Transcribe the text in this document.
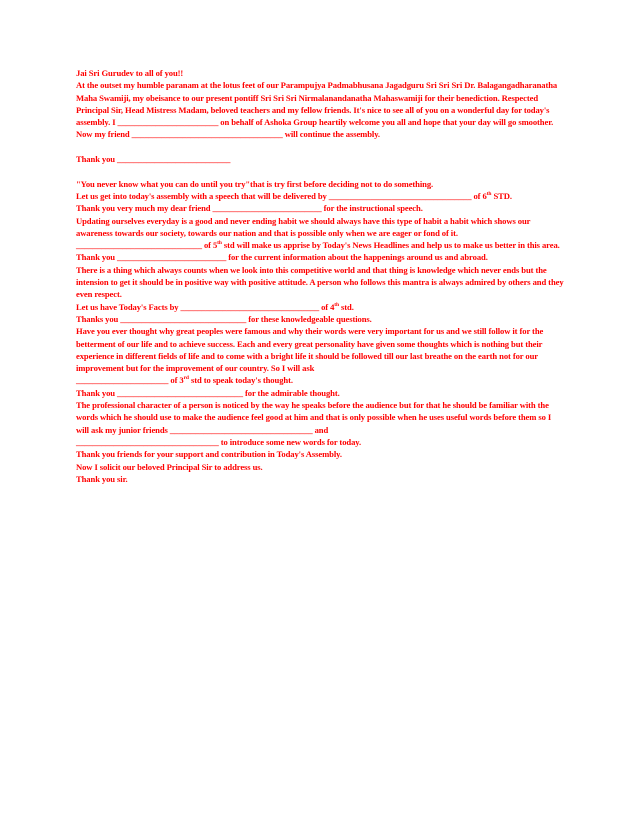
Jai Sri Gurudev to all of you!!

At the outset my humble paranam at the lotus feet of our Parampujya Padmabhusana Jagadguru Sri Sri Sri Dr. Balagangadharanatha Maha Swamiji, my obeisance to our present pontiff Sri Sri Sri Nirmalanandanatha Mahaswamiji for their benediction. Respected Principal Sir, Head Mistress Madam, beloved teachers and my fellow friends. It's nice to see all of you on a wonderful day for today's assembly. I ________________________ on behalf of Ashoka Group heartily welcome you all and hope that your day will go smoother.

Now my friend ____________________________________ will continue the assembly.

Thank you ___________________________

"You never know what you can do until you try"that is try first before deciding not to do something.

Let us get into today's assembly with a speech that will be delivered by __________________________________ of 6th STD.

Thank you very much my dear friend __________________________ for the instructional speech.

Updating ourselves everyday is a good and never ending habit we should always have this type of habit a habit which shows our awareness towards our society, towards our nation and that is possible only when we are eager or fond of it.

______________________________ of 5th std will make us apprise by Today's News Headlines and help us to make us better in this area.

Thank you __________________________ for the current information about the happenings around us and abroad.

There is a thing which always counts when we look into this competitive world and that thing is knowledge which never ends but the intension to get it should be in positive way with positive attitude. A person who follows this mantra is always admired by others and they even respect.

Let us have Today's Facts by _________________________________ of 4th std.

Thanks you ______________________________ for these knowledgeable questions.

Have you ever thought why great peoples were famous and why their words were very important for us and we still follow it for the betterment of our life and to achieve success. Each and every great personality have given some thoughts which is nothing but their experience in different fields of life and to come with a bright life it should be followed till our last breathe on the earth not for our improvement but for the improvement of our country. So I will ask

______________________ of 3rd std to speak today's thought.

Thank you ______________________________ for the admirable thought.

The professional character of a person is noticed by the way he speaks before the audience but for that he should be familiar with the words which he should use to make the audience feel good at him and that is only possible when he uses useful words before them so I will ask my junior friends __________________________________ and

__________________________________ to introduce some new words for today.

Thank you friends for your support and contribution in Today's Assembly.

Now I solicit our beloved Principal Sir to address us.

Thank you sir.
